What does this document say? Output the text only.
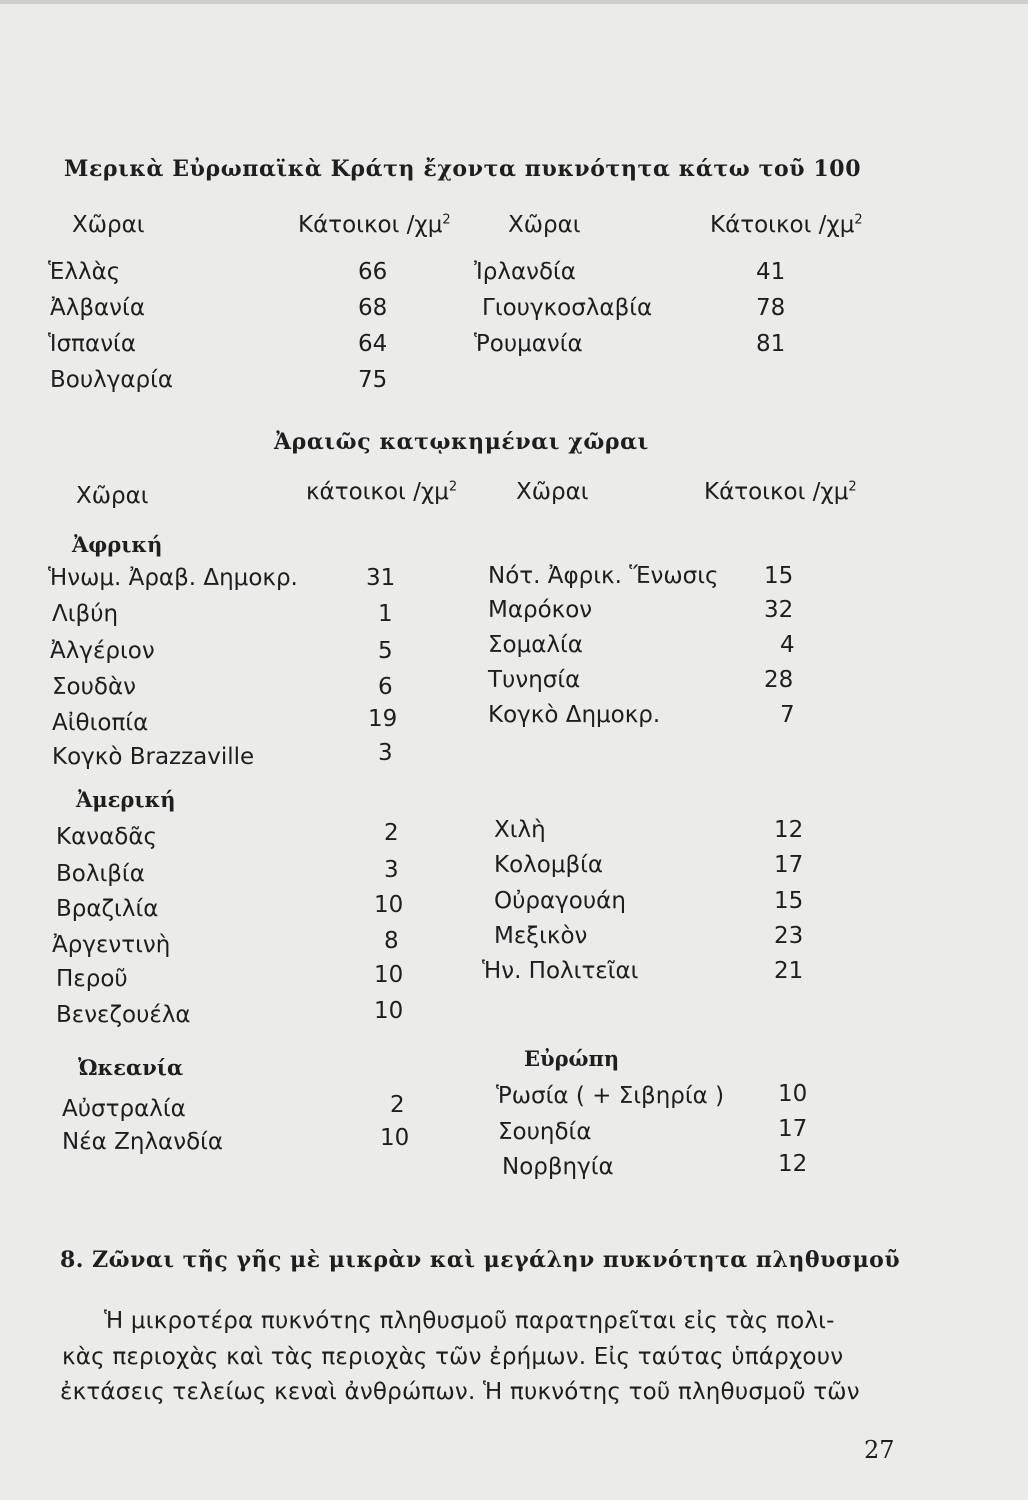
Μερικὰ Εὐρωπαϊκὰ Κράτη ἔχοντα πυκνότητα κάτω τοῦ 100
Χῶραι	Κάτοικοι $/\chi\mu^2$ Χῶραι	Κάτοικοι $/\chi\mu^2$
Ἑλλὰς	66
Ἀλβανία	68
Ἱσπανία	64
Βουλγαρία	75
Ἰρλανδία	41
Γιουγκοσλαβία	78
Ῥουμανία	81
Ἀραιῶς κατῳκημέναι χῶραι
Χῶραι	κάτοικοι $/\chi\mu^2$	Χῶραι	Κάτοικοι $/\chi\mu^2$
Ἀφρική
Ἡνωμ. Ἀραβ. Δημοκρ.	31
Λιβύη	1
Ἀλγέριον	5
Σουδὰν	6
Αἰθιοπία	19
Κογκὸ Brazzaville	3
Νότ. Ἀφρικ. Ἕνωσις 15
Μαρόκον	32
Σομαλία	4
Τυνησία	28
Κογκὸ Δημοκρ.	7
Ἀμερική
Καναδᾶς	2
Βολιβία	3
Βραζιλία	10
Ἀργεντινὴ	8
Περοῦ	10
Βενεζουέλα	10
Χιλὴ	12
Κολομβία	17
Οὐραγουάη	15
Μεξικὸν	23
Ἡν. Πολιτεῖαι	21
Ὠκεανία
Αὐστραλία	2
Νέα Ζηλανδία	10
Εὐρώπη
Ῥωσία ( + Σιβηρία ) 10
Σουηδία	17
Νορβηγία	12
8. Ζῶναι τῆς γῆς μὲ μικρὰν καὶ μεγάλην πυκνότητα πληθυσμοῦ
Ἡ μικροτέρα πυκνότης πληθυσμοῦ παρατηρεῖται εἰς τὰς πολι-
κὰς περιοχὰς καὶ τὰς περιοχὰς τῶν ἐρήμων. Εἰς ταύτας ὑπάρχουν
ἐκτάσεις τελείως κεναὶ ἀνθρώπων. Ἡ πυκνότης τοῦ πληθυσμοῦ τῶν
27
